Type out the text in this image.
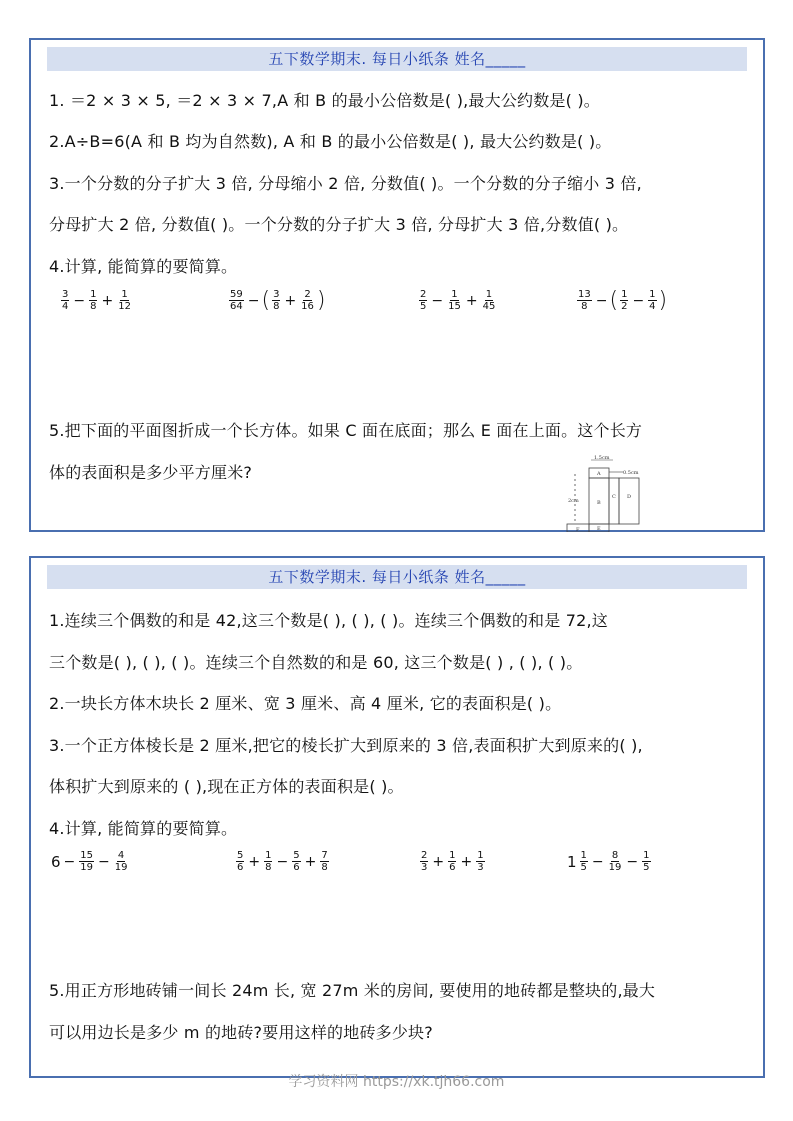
五下数学期末. 每日小纸条 姓名_____
1. ＝2 × 3 × 5, ＝2 × 3 × 7,A 和 B 的最小公倍数是( ),最大公约数是( )。
2.A÷B=6(A 和 B 均为自然数), A 和 B 的最小公倍数是( ), 最大公约数是( )。
3.一个分数的分子扩大 3 倍, 分母缩小 2 倍, 分数值( )。一个分数的分子缩小 3 倍,
分母扩大 2 倍, 分数值( )。一个分数的分子扩大 3 倍, 分母扩大 3 倍,分数值( )。
4.计算, 能简算的要简算。
$\frac{3}{4} - \frac{1}{8} + \frac{1}{12}$	$\frac{59}{64}$ − ( $\frac{3}{8} + \frac{2}{16}$ )	$\frac{2}{5} - \frac{1}{15} + \frac{1}{45}$	$\frac{13}{8}$ − ( $\frac{1}{2} - \frac{1}{4}$ )
5.把下面的平面图折成一个长方体。如果 C 面在底面；那么 E 面在上面。这个长方
体的表面积是多少平方厘米?
1.5cm
0.5cm
2cm
A
B
C D
E
F
五下数学期末. 每日小纸条 姓名_____
1.连续三个偶数的和是 42,这三个数是( ), ( ), ( )。连续三个偶数的和是 72,这
三个数是( ), ( ), ( )。连续三个自然数的和是 60, 这三个数是( ) , ( ), ( )。
2.一块长方体木块长 2 厘米、宽 3 厘米、高 4 厘米, 它的表面积是( )。
3.一个正方体棱长是 2 厘米,把它的棱长扩大到原来的 3 倍,表面积扩大到原来的( ),
体积扩大到原来的 ( ),现在正方体的表面积是( )。
4.计算, 能简算的要简算。
$6 - \frac{15}{19} - \frac{4}{19}$	$\frac{5}{6} + \frac{1}{8} - \frac{5}{6} + \frac{7}{8}$	$\frac{2}{3} + \frac{1}{6} + \frac{1}{3}$	$1 \frac{1}{5} - \frac{8}{19} - \frac{1}{5}$
5.用正方形地砖铺一间长 24m 长, 宽 27m 米的房间, 要使用的地砖都是整块的,最大
可以用边长是多少 m 的地砖?要用这样的地砖多少块?
学习资料网 https://xk.tjh66.com
